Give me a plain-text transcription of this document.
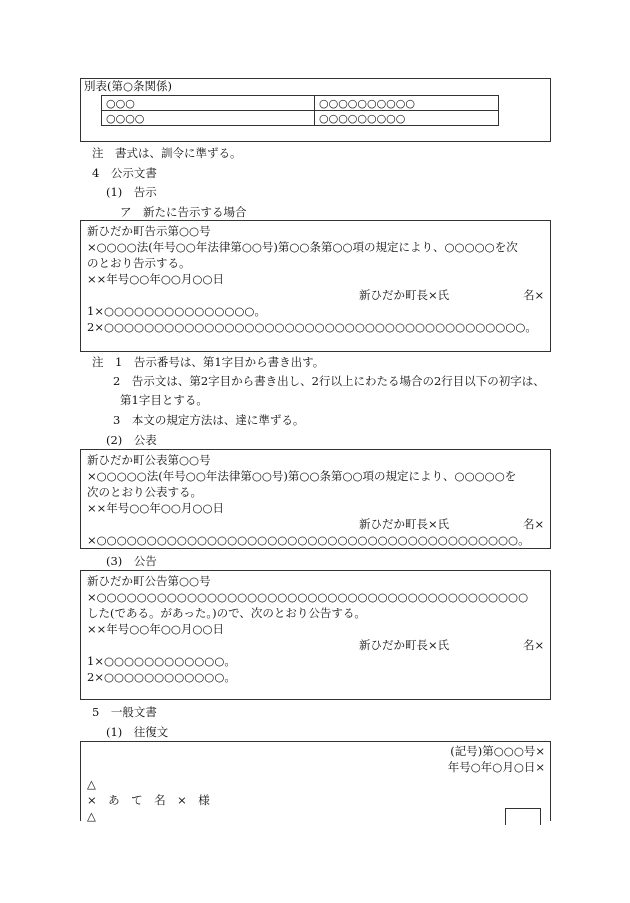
別表(第○条関係)
○○○	○○○○○○○○○○
○○○○	○○○○○○○○○
注　書式は、訓令に準ずる。
4　公示文書
(1)　告示
ア　新たに告示する場合
新ひだか町告示第○○号
×○○○○法(年号○○年法律第○○号)第○○条第○○項の規定により、○○○○○を次
のとおり告示する。
××年号○○年○○月○○日
新ひだか町長×氏	名×
1×○○○○○○○○○○○○○○○。
2×○○○○○○○○○○○○○○○○○○○○○○○○○○○○○○○○○○○○○○○○○○。
注　1　告示番号は、第1字目から書き出す。
2　告示文は、第2字目から書き出し、2行以上にわたる場合の2行目以下の初字は、
第1字目とする。
3　本文の規定方法は、達に準ずる。
(2)　公表
新ひだか町公表第○○号
×○○○○○法(年号○○年法律第○○号)第○○条第○○項の規定により、○○○○○を
次のとおり公表する。
××年号○○年○○月○○日
新ひだか町長×氏	名×
×○○○○○○○○○○○○○○○○○○○○○○○○○○○○○○○○○○○○○○○○○○。
(3)　公告
新ひだか町公告第○○号
×○○○○○○○○○○○○○○○○○○○○○○○○○○○○○○○○○○○○○○○○○○○
した(である。があった。)ので、次のとおり公告する。
××年号○○年○○月○○日
新ひだか町長×氏	名×
1×○○○○○○○○○○○○。
2×○○○○○○○○○○○○。
5　一般文書
(1)　往復文
(記号)第○○○号×
年号○年○月○日×
△
×　あ　て　名　×　様
△
